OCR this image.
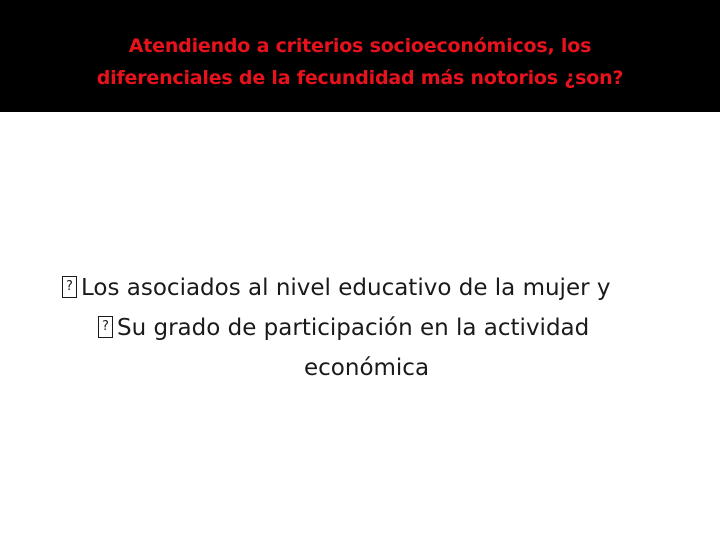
Atendiendo a criterios socioeconómicos, los
diferenciales de la fecundidad más notorios ¿son?
?Los asociados al nivel educativo de la mujer y
?Su grado de participación en la actividad
económica
